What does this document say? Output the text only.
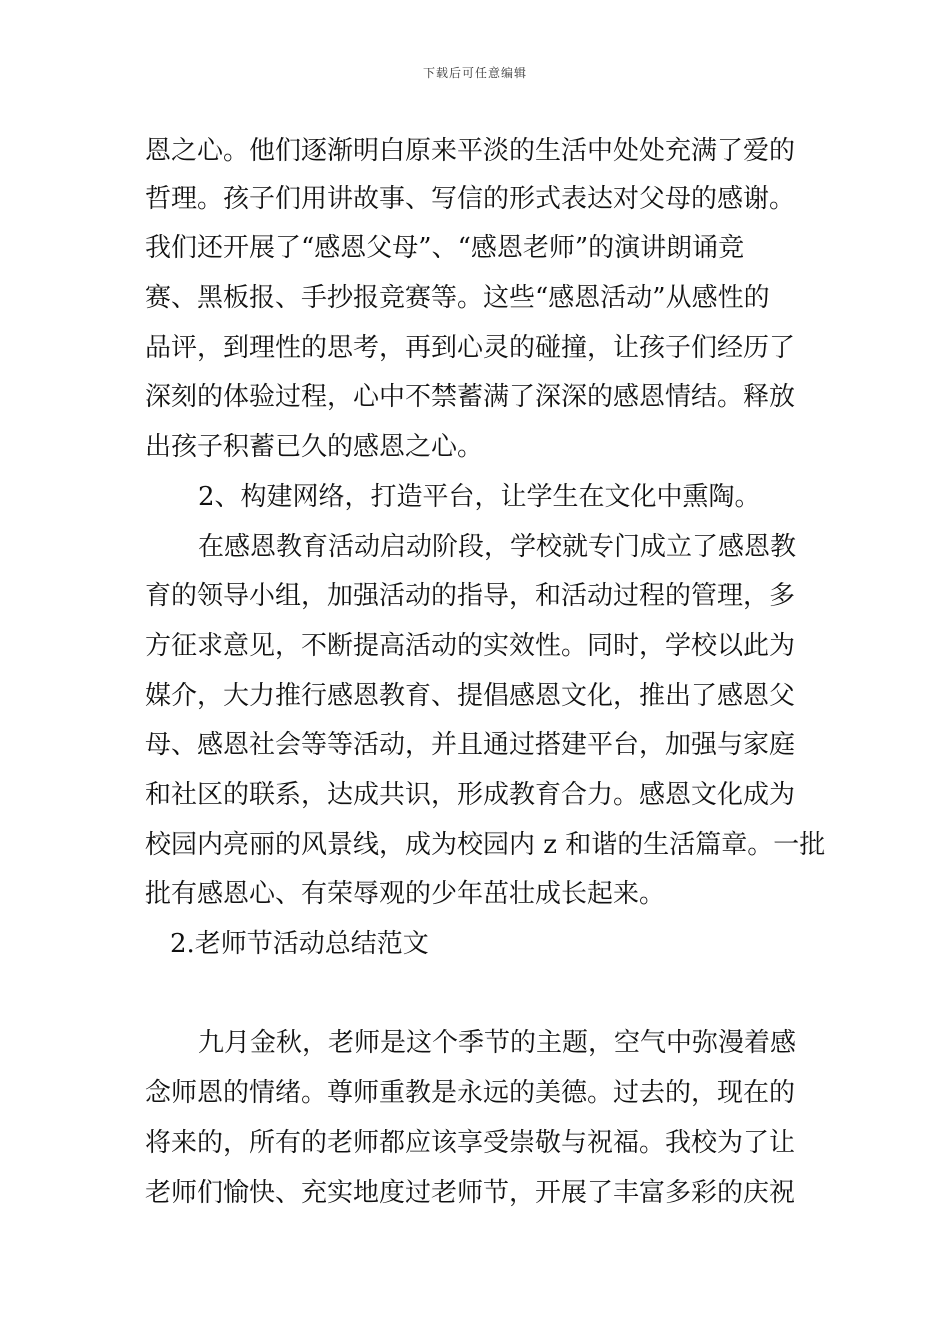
下载后可任意编辑
恩之心。他们逐渐明白原来平淡的生活中处处充满了爱的
哲理。孩子们用讲故事、写信的形式表达对父母的感谢。
我们还开展了“感恩父母”、“感恩老师”的演讲朗诵竞
赛、黑板报、手抄报竞赛等。这些“感恩活动”从感性的
品评，到理性的思考，再到心灵的碰撞，让孩子们经历了
深刻的体验过程，心中不禁蓄满了深深的感恩情结。释放
出孩子积蓄已久的感恩之心。
2、构建网络，打造平台，让学生在文化中熏陶。
在感恩教育活动启动阶段，学校就专门成立了感恩教
育的领导小组，加强活动的指导，和活动过程的管理，多
方征求意见，不断提高活动的实效性。同时，学校以此为
媒介，大力推行感恩教育、提倡感恩文化，推出了感恩父
母、感恩社会等等活动，并且通过搭建平台，加强与家庭
和社区的联系，达成共识，形成教育合力。感恩文化成为
校园内亮丽的风景线，成为校园内 z 和谐的生活篇章。一批
批有感恩心、有荣辱观的少年茁壮成长起来。
2.老师节活动总结范文
九月金秋，老师是这个季节的主题，空气中弥漫着感
念师恩的情绪。尊师重教是永远的美德。过去的，现在的
将来的，所有的老师都应该享受崇敬与祝福。我校为了让
老师们愉快、充实地度过老师节，开展了丰富多彩的庆祝
